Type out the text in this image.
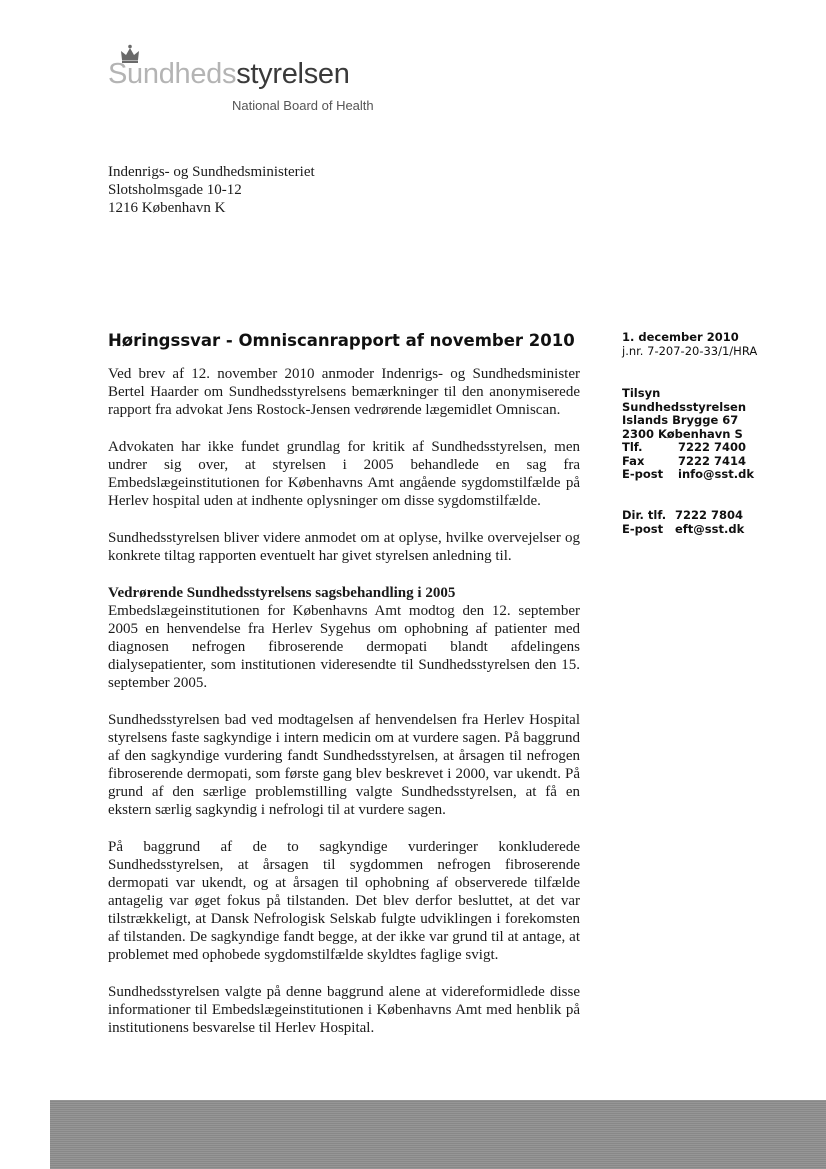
Sundhedsstyrelsen
National Board of Health
Indenrigs- og Sundhedsministeriet
Slotsholmsgade 10-12
1216 København K
Høringssvar - Omniscanrapport af november 2010	1. december 2010
j.nr. 7-207-20-33/1/HRA
Tilsyn
Sundhedsstyrelsen
Islands Brygge 67
2300 København S
Tlf.	7222 7400
Fax	7222 7414
E-post info@sst.dk
Dir. tlf. 7222 7804
E-post eft@sst.dk

Ved brev af 12. november 2010 anmoder Indenrigs- og Sundhedsminister Bertel Haarder om Sundhedsstyrelsens bemærkninger til den anonymiserede rapport fra advokat Jens Rostock-Jensen vedrørende lægemidlet Omniscan.

Advokaten har ikke fundet grundlag for kritik af Sundhedsstyrelsen, men undrer sig over, at styrelsen i 2005 behandlede en sag fra Embedslægeinstitutionen for Københavns Amt angående sygdomstilfælde på Herlev hospital uden at indhente oplysninger om disse sygdomstilfælde.

Sundhedsstyrelsen bliver videre anmodet om at oplyse, hvilke overvejelser og konkrete tiltag rapporten eventuelt har givet styrelsen anledning til.

Vedrørende Sundhedsstyrelsens sagsbehandling i 2005

Embedslægeinstitutionen for Københavns Amt modtog den 12. september 2005 en henvendelse fra Herlev Sygehus om ophobning af patienter med diagnosen nefrogen fibroserende dermopati blandt afdelingens dialysepatienter, som institutionen videresendte til Sundhedsstyrelsen den 15. september 2005.

Sundhedsstyrelsen bad ved modtagelsen af henvendelsen fra Herlev Hospital styrelsens faste sagkyndige i intern medicin om at vurdere sagen. På baggrund af den sagkyndige vurdering fandt Sundhedsstyrelsen, at årsagen til nefrogen fibroserende dermopati, som første gang blev beskrevet i 2000, var ukendt. På grund af den særlige problemstilling valgte Sundhedsstyrelsen, at få en ekstern særlig sagkyndig i nefrologi til at vurdere sagen.

På baggrund af de to sagkyndige vurderinger konkluderede Sundhedsstyrelsen, at årsagen til sygdommen nefrogen fibroserende dermopati var ukendt, og at årsagen til ophobning af observerede tilfælde antagelig var øget fokus på tilstanden. Det blev derfor besluttet, at det var tilstrækkeligt, at Dansk Nefrologisk Selskab fulgte udviklingen i forekomsten af tilstanden. De sagkyndige fandt begge, at der ikke var grund til at antage, at problemet med ophobede sygdomstilfælde skyldtes faglige svigt.

Sundhedsstyrelsen valgte på denne baggrund alene at videreformidlede disse informationer til Embedslægeinstitutionen i Københavns Amt med henblik på institutionens besvarelse til Herlev Hospital.
